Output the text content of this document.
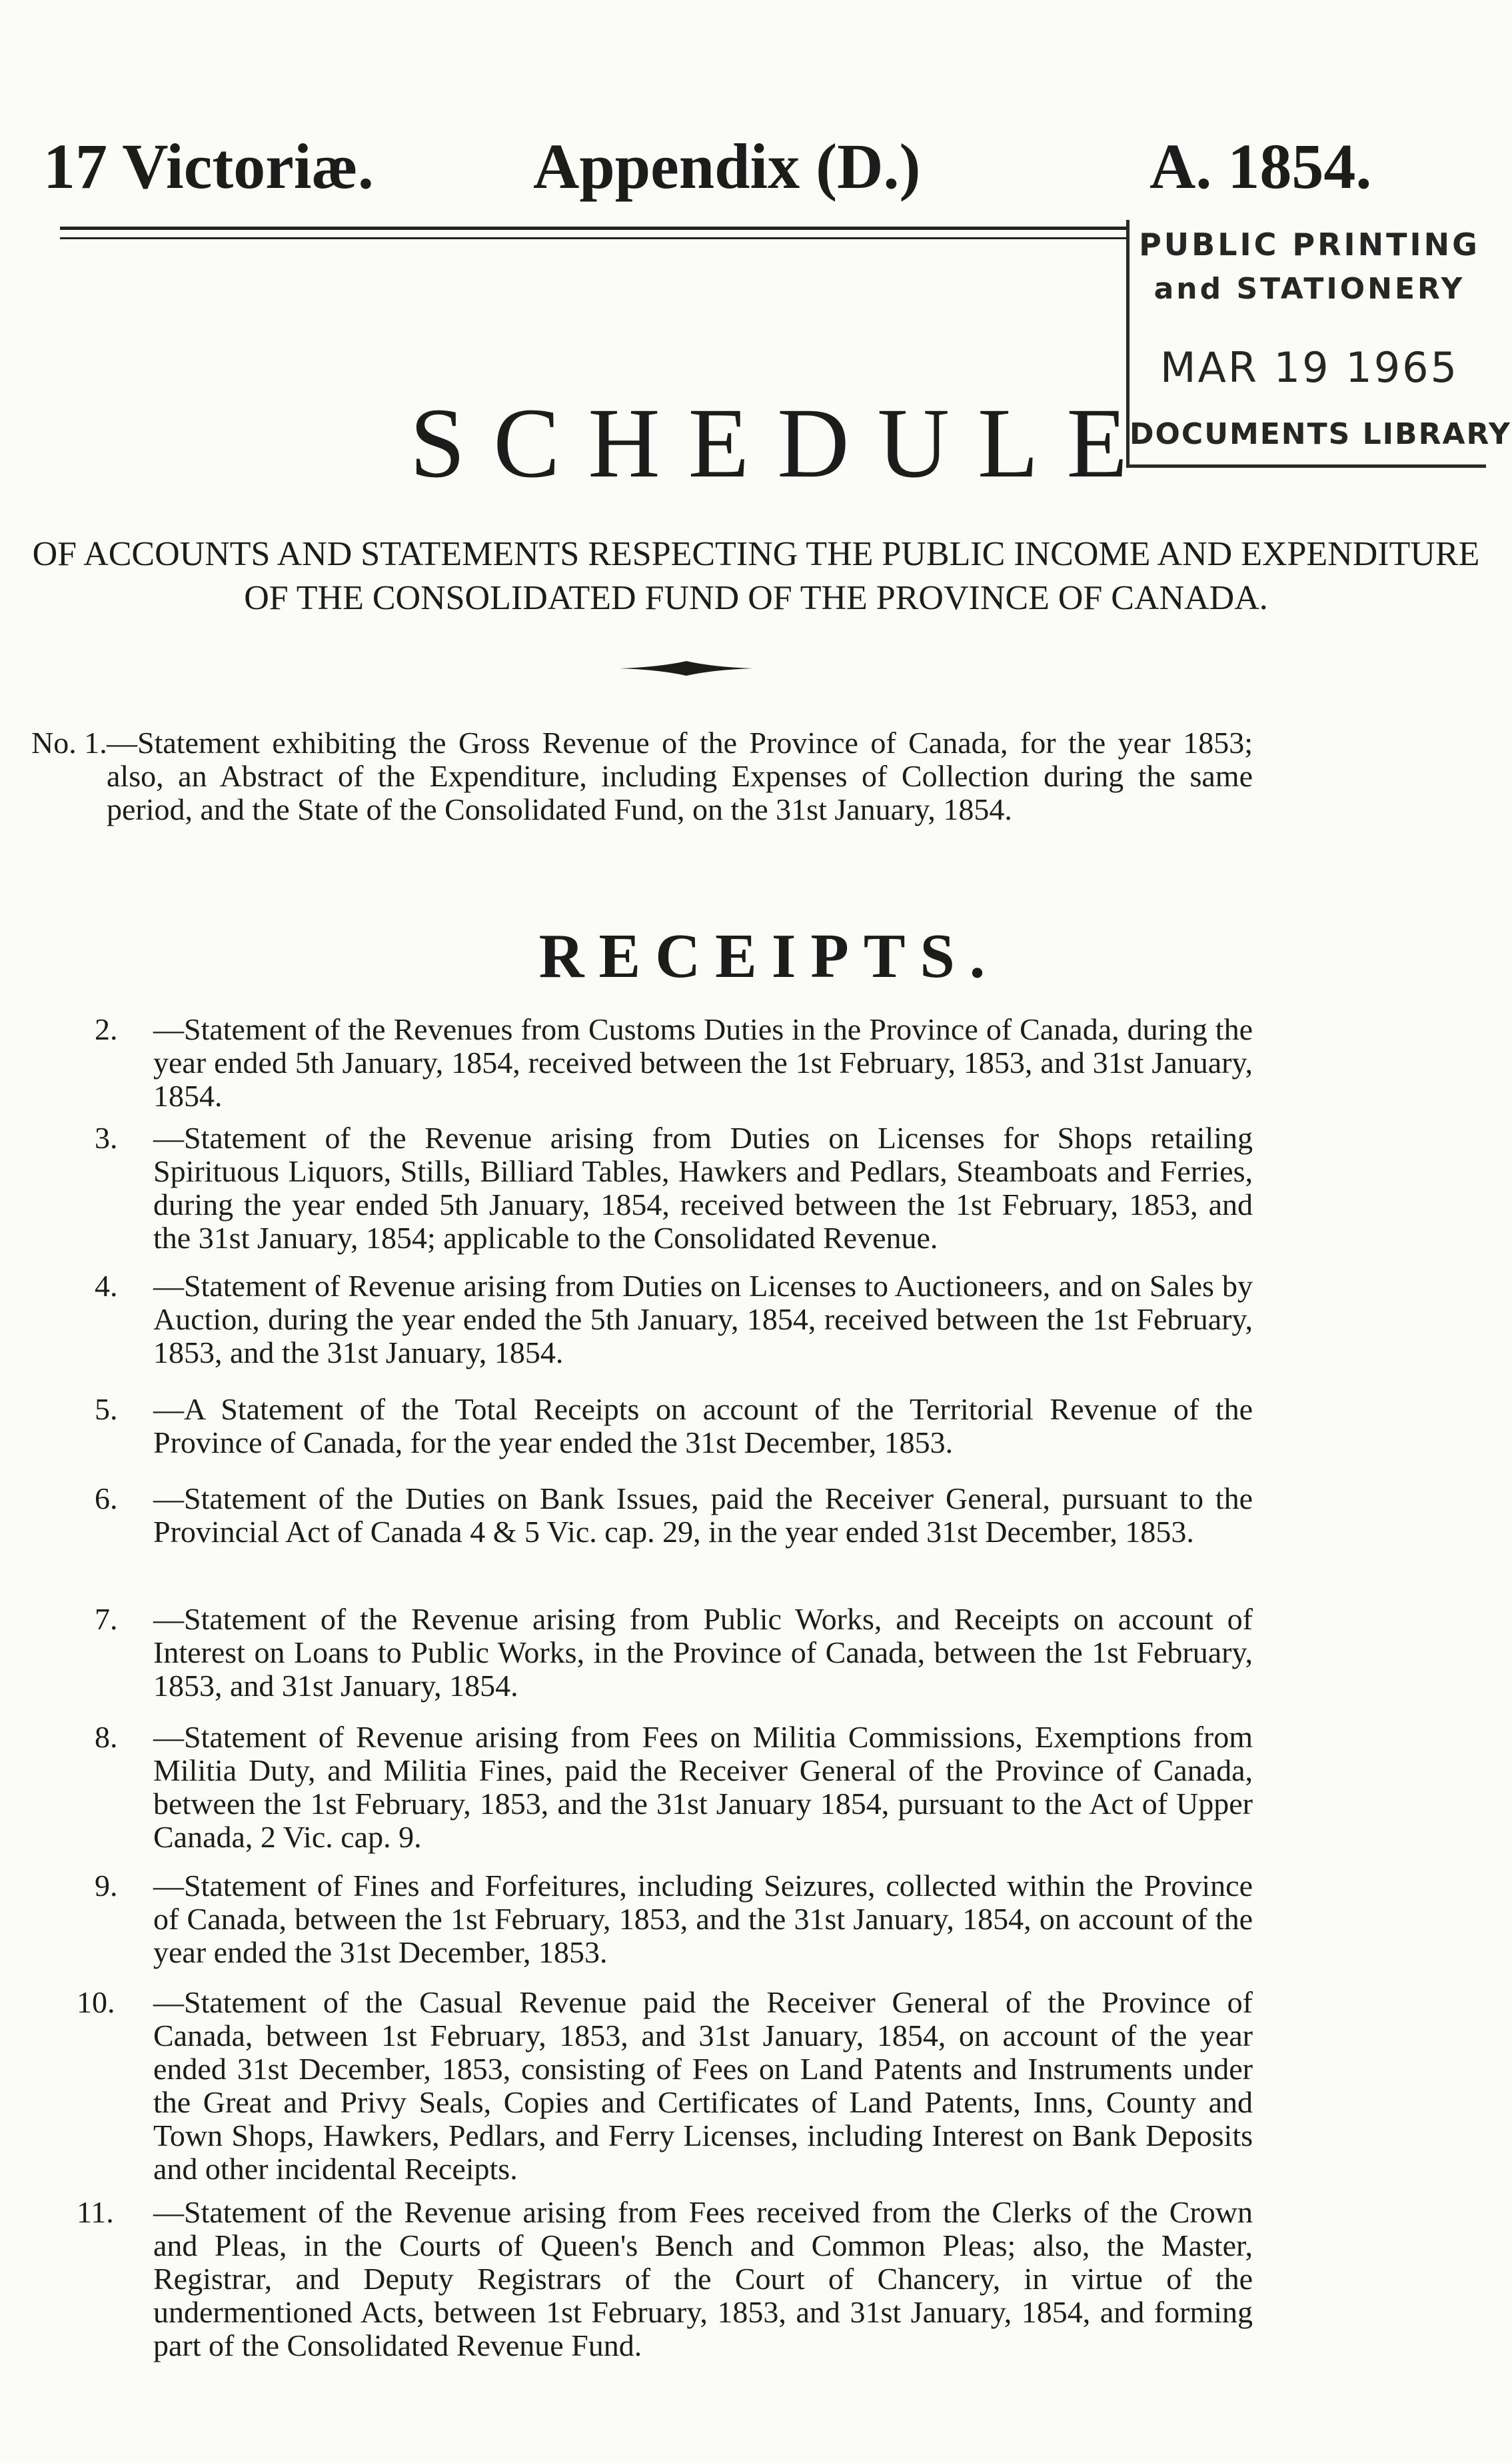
17 Victoriæ. Appendix (D.)	A. 1854.
PUBLIC PRINTING
and STATIONERY
MAR 19 1965
DOCUMENTS LIBRARY
SCHEDULE
OF ACCOUNTS AND STATEMENTS RESPECTING THE PUBLIC INCOME AND EXPENDITURE
OF THE CONSOLIDATED FUND OF THE PROVINCE OF CANADA.
No. 1. —Statement exhibiting the Gross Revenue of the Province of Canada, for the year 1853; also, an Abstract of the Expenditure, including Expenses of Collection during the same period, and the State of the Consolidated Fund, on the 31st January, 1854.
RECEIPTS.
2. —Statement of the Revenues from Customs Duties in the Province of Canada, during the year ended 5th January, 1854, received between the 1st February, 1853, and 31st January, 1854.
3. —Statement of the Revenue arising from Duties on Licenses for Shops retailing Spirituous Liquors, Stills, Billiard Tables, Hawkers and Pedlars, Steamboats and Ferries, during the year ended 5th January, 1854, received between the 1st February, 1853, and the 31st January, 1854; applicable to the Consolidated Revenue.
4. —Statement of Revenue arising from Duties on Licenses to Auctioneers, and on Sales by Auction, during the year ended the 5th January, 1854, received between the 1st February, 1853, and the 31st January, 1854.
5. —A Statement of the Total Receipts on account of the Territorial Revenue of the Province of Canada, for the year ended the 31st December, 1853.
6. —Statement of the Duties on Bank Issues, paid the Receiver General, pursuant to the Provincial Act of Canada 4 & 5 Vic. cap. 29, in the year ended 31st December, 1853.
7. —Statement of the Revenue arising from Public Works, and Receipts on account of Interest on Loans to Public Works, in the Province of Canada, between the 1st February, 1853, and 31st January, 1854.
8. —Statement of Revenue arising from Fees on Militia Commissions, Exemptions from Militia Duty, and Militia Fines, paid the Receiver General of the Province of Canada, between the 1st February, 1853, and the 31st January 1854, pursuant to the Act of Upper Canada, 2 Vic. cap. 9.
9. —Statement of Fines and Forfeitures, including Seizures, collected within the Province of Canada, between the 1st February, 1853, and the 31st January, 1854, on account of the year ended the 31st December, 1853.
10. —Statement of the Casual Revenue paid the Receiver General of the Province of Canada, between 1st February, 1853, and 31st January, 1854, on account of the year ended 31st December, 1853, consisting of Fees on Land Patents and Instruments under the Great and Privy Seals, Copies and Certificates of Land Patents, Inns, County and Town Shops, Hawkers, Pedlars, and Ferry Licenses, including Interest on Bank Deposits and other incidental Receipts.
11. —Statement of the Revenue arising from Fees received from the Clerks of the Crown and Pleas, in the Courts of Queen's Bench and Common Pleas; also, the Master, Registrar, and Deputy Registrars of the Court of Chancery, in virtue of the undermentioned Acts, between 1st February, 1853, and 31st January, 1854, and forming part of the Consolidated Revenue Fund.
